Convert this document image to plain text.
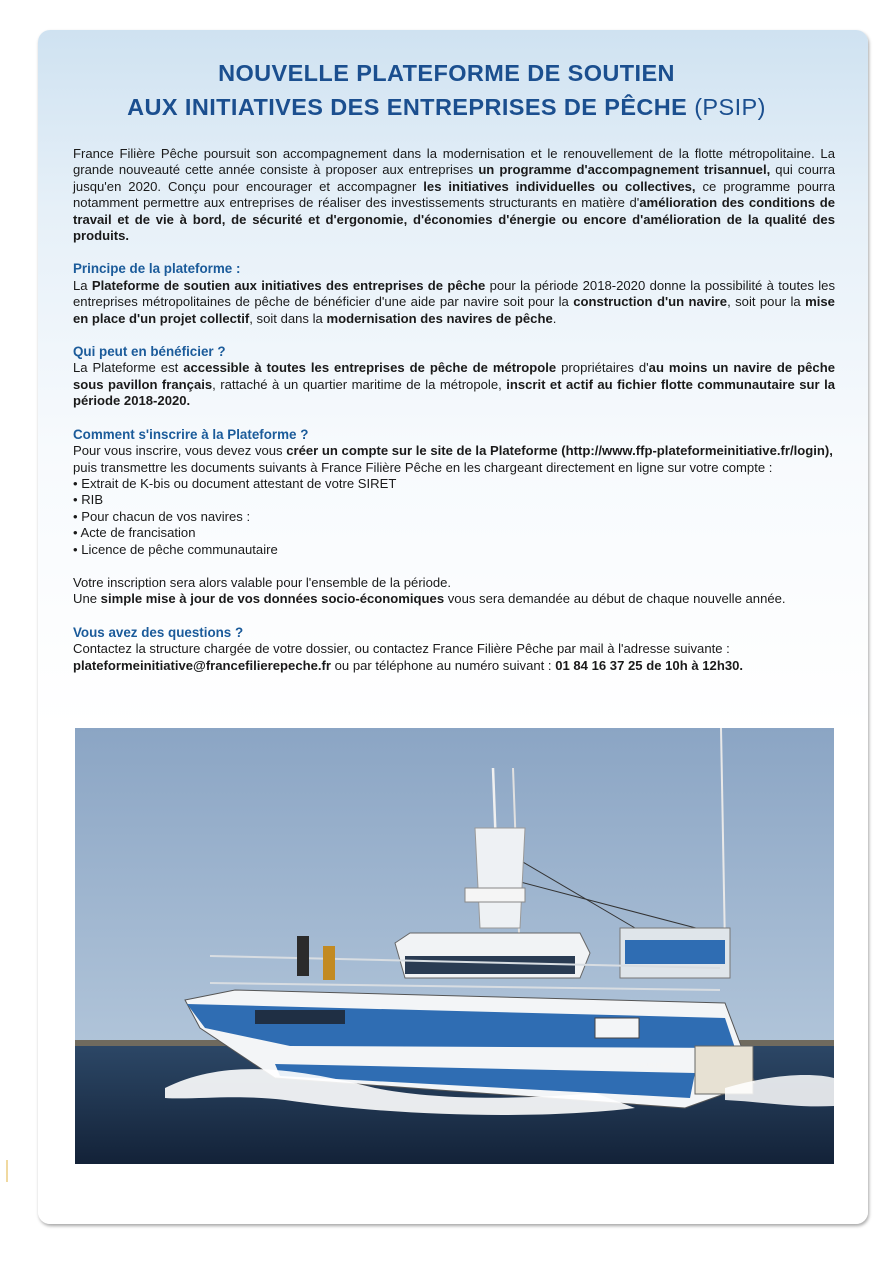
NOUVELLE PLATEFORME DE SOUTIEN
AUX INITIATIVES DES ENTREPRISES DE PÊCHE (PSIP)

France Filière Pêche poursuit son accompagnement dans la modernisation et le renouvellement de la flotte métropolitaine. La grande nouveauté cette année consiste à proposer aux entreprises un programme d'accompagnement trisannuel, qui courra jusqu'en 2020. Conçu pour encourager et accompagner les initiatives individuelles ou collectives, ce programme pourra notamment permettre aux entreprises de réaliser des investissements structurants en matière d'amélioration des conditions de travail et de vie à bord, de sécurité et d'ergonomie, d'économies d'énergie ou encore d'amélioration de la qualité des produits.

Principe de la plateforme :

La Plateforme de soutien aux initiatives des entreprises de pêche pour la période 2018-2020 donne la possibilité à toutes les entreprises métropolitaines de pêche de bénéficier d'une aide par navire soit pour la construction d'un navire, soit pour la mise en place d'un projet collectif, soit dans la modernisation des navires de pêche.

Qui peut en bénéficier ?

La Plateforme est accessible à toutes les entreprises de pêche de métropole propriétaires d'au moins un navire de pêche sous pavillon français, rattaché à un quartier maritime de la métropole, inscrit et actif au fichier flotte communautaire sur la période 2018-2020.

Comment s'inscrire à la Plateforme ?

Pour vous inscrire, vous devez vous créer un compte sur le site de la Plateforme (http://www.ffp-plateformeinitiative.fr/login),

puis transmettre les documents suivants à France Filière Pêche en les chargeant directement en ligne sur votre compte :

• Extrait de K-bis ou document attestant de votre SIRET

• RIB

• Pour chacun de vos navires :

• Acte de francisation

• Licence de pêche communautaire

Votre inscription sera alors valable pour l'ensemble de la période.

Une simple mise à jour de vos données socio-économiques vous sera demandée au début de chaque nouvelle année.

Vous avez des questions ?

Contactez la structure chargée de votre dossier, ou contactez France Filière Pêche par mail à l'adresse suivante :

plateformeinitiative@francefilierepeche.fr ou par téléphone au numéro suivant : 01 84 16 37 25 de 10h à 12h30.

LE GUERNEC
